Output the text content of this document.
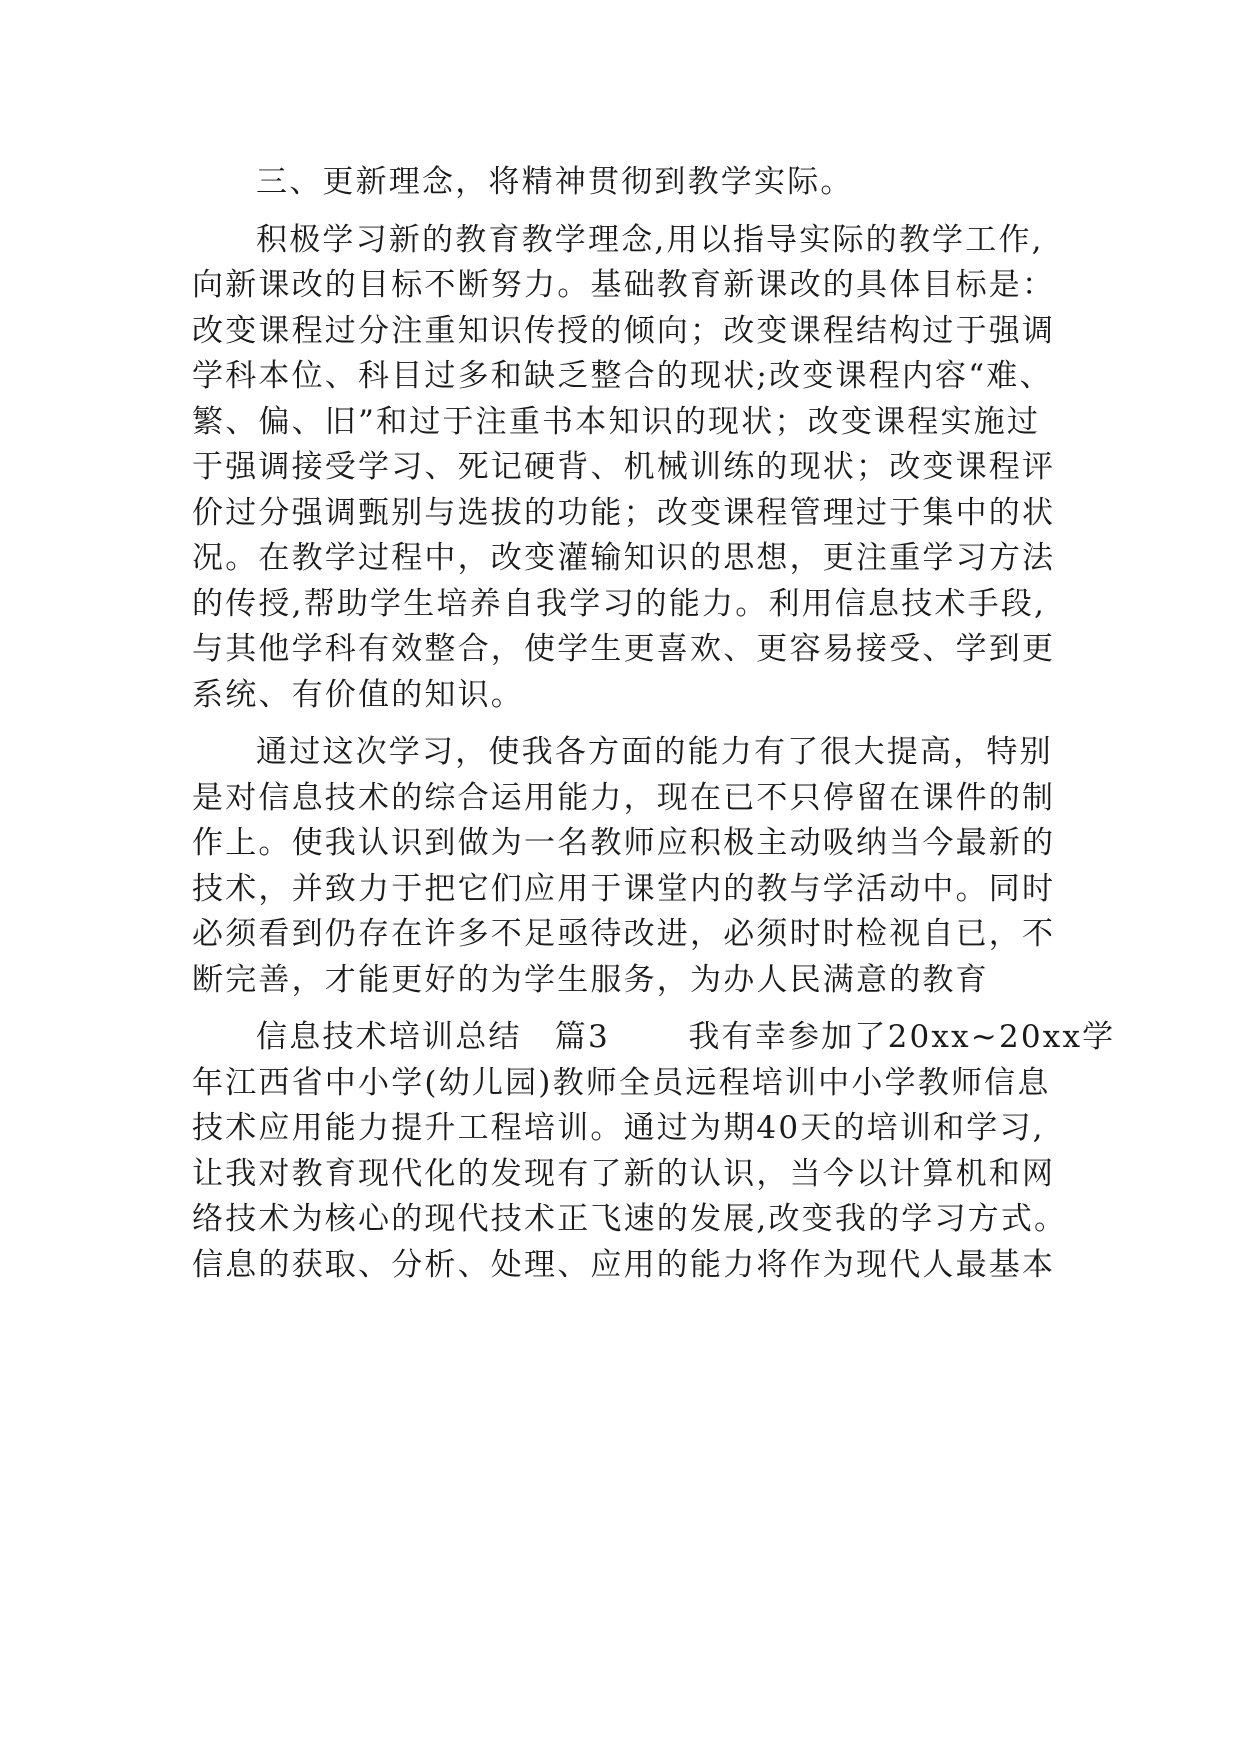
三、更新理念，将精神贯彻到教学实际。
积极学习新的教育教学理念,用以指导实际的教学工作,
向新课改的目标不断努力。基础教育新课改的具体目标是：
改变课程过分注重知识传授的倾向；改变课程结构过于强调
学科本位、科目过多和缺乏整合的现状;改变课程内容“难、
繁、偏、旧”和过于注重书本知识的现状；改变课程实施过
于强调接受学习、死记硬背、机械训练的现状；改变课程评
价过分强调甄别与选拔的功能；改变课程管理过于集中的状
况。在教学过程中，改变灌输知识的思想，更注重学习方法
的传授,帮助学生培养自我学习的能力。利用信息技术手段,
与其他学科有效整合，使学生更喜欢、更容易接受、学到更
系统、有价值的知识。
通过这次学习，使我各方面的能力有了很大提高，特别
是对信息技术的综合运用能力，现在已不只停留在课件的制
作上。使我认识到做为一名教师应积极主动吸纳当今最新的
技术，并致力于把它们应用于课堂内的教与学活动中。同时
必须看到仍存在许多不足亟待改进，必须时时检视自已，不
断完善，才能更好的为学生服务，为办人民满意的教育
信息技术培训总结　篇3　　 我有幸参加了20xx~20xx学
年江西省中小学(幼儿园)教师全员远程培训中小学教师信息
技术应用能力提升工程培训。通过为期40天的培训和学习,
让我对教育现代化的发现有了新的认识，当今以计算机和网
络技术为核心的现代技术正飞速的发展,改变我的学习方式。
信息的获取、分析、处理、应用的能力将作为现代人最基本
